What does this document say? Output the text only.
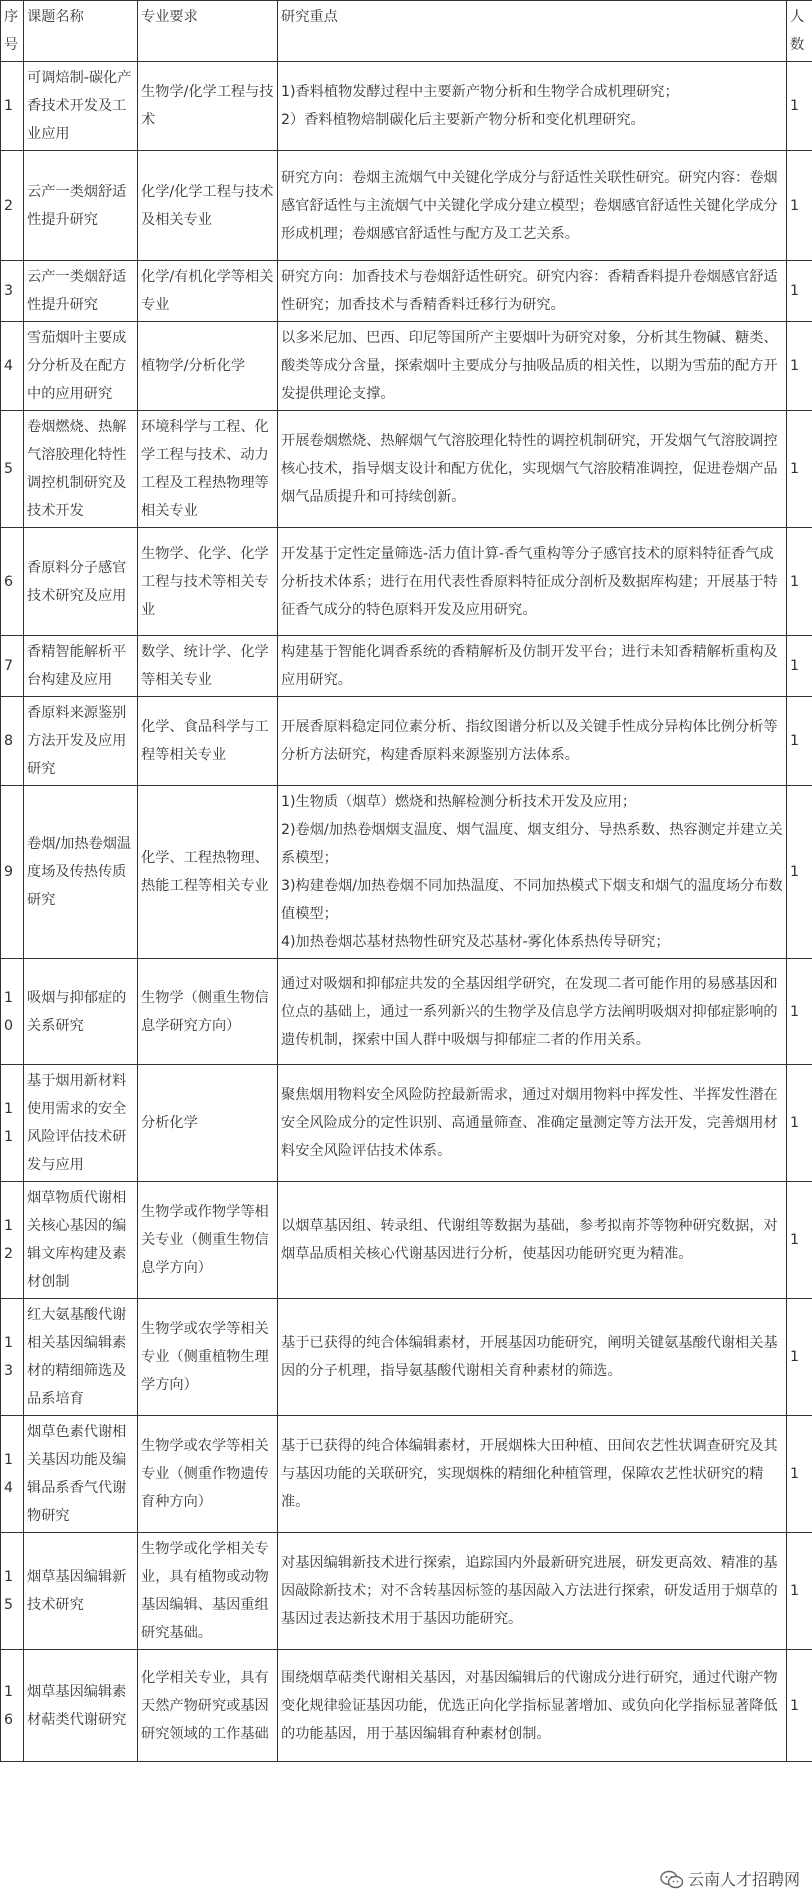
序号	课题名称	专业要求	研究重点	人数
1	可调焙制-碳化产香技术开发及工业应用	生物学/化学工程与技术	1)香料植物发酵过程中主要新产物分析和生物学合成机理研究；
2）香料植物焙制碳化后主要新产物分析和变化机理研究。	1
2	云产一类烟舒适性提升研究	化学/化学工程与技术及相关专业	研究方向：卷烟主流烟气中关键化学成分与舒适性关联性研究。研究内容：卷烟感官舒适性与主流烟气中关键化学成分建立模型；卷烟感官舒适性关键化学成分形成机理；卷烟感官舒适性与配方及工艺关系。	1
3	云产一类烟舒适性提升研究	化学/有机化学等相关专业	研究方向：加香技术与卷烟舒适性研究。研究内容：香精香料提升卷烟感官舒适性研究；加香技术与香精香料迁移行为研究。	1
4	雪茄烟叶主要成分分析及在配方中的应用研究	植物学/分析化学	以多米尼加、巴西、印尼等国所产主要烟叶为研究对象，分析其生物碱、糖类、酸类等成分含量，探索烟叶主要成分与抽吸品质的相关性，以期为雪茄的配方开发提供理论支撑。	1
5	卷烟燃烧、热解气溶胶理化特性调控机制研究及技术开发	环境科学与工程、化学工程与技术、动力工程及工程热物理等相关专业	开展卷烟燃烧、热解烟气气溶胶理化特性的调控机制研究，开发烟气气溶胶调控核心技术，指导烟支设计和配方优化，实现烟气气溶胶精准调控，促进卷烟产品烟气品质提升和可持续创新。	1
6	香原料分子感官技术研究及应用	生物学、化学、化学工程与技术等相关专业	开发基于定性定量筛选-活力值计算-香气重构等分子感官技术的原料特征香气成分析技术体系；进行在用代表性香原料特征成分剖析及数据库构建；开展基于特征香气成分的特色原料开发及应用研究。	1
7	香精智能解析平台构建及应用	数学、统计学、化学等相关专业	构建基于智能化调香系统的香精解析及仿制开发平台；进行未知香精解析重构及应用研究。	1
8	香原料来源鉴别方法开发及应用研究	化学、食品科学与工程等相关专业	开展香原料稳定同位素分析、指纹图谱分析以及关键手性成分异构体比例分析等分析方法研究，构建香原料来源鉴别方法体系。	1
9	卷烟/加热卷烟温度场及传热传质研究	化学、工程热物理、热能工程等相关专业	1)生物质（烟草）燃烧和热解检测分析技术开发及应用；
2)卷烟/加热卷烟烟支温度、烟气温度、烟支组分、导热系数、热容测定并建立关系模型；
3)构建卷烟/加热卷烟不同加热温度、不同加热模式下烟支和烟气的温度场分布数值模型；
4)加热卷烟芯基材热物性研究及芯基材-雾化体系热传导研究；	1
10	吸烟与抑郁症的关系研究	生物学（侧重生物信息学研究方向）	通过对吸烟和抑郁症共发的全基因组学研究，在发现二者可能作用的易感基因和位点的基础上，通过一系列新兴的生物学及信息学方法阐明吸烟对抑郁症影响的遗传机制，探索中国人群中吸烟与抑郁症二者的作用关系。	1
11	基于烟用新材料使用需求的安全风险评估技术研发与应用	分析化学	聚焦烟用物料安全风险防控最新需求，通过对烟用物料中挥发性、半挥发性潜在安全风险成分的定性识别、高通量筛查、准确定量测定等方法开发，完善烟用材料安全风险评估技术体系。	1
12	烟草物质代谢相关核心基因的编辑文库构建及素材创制	生物学或作物学等相关专业（侧重生物信息学方向）	以烟草基因组、转录组、代谢组等数据为基础，参考拟南芥等物种研究数据，对烟草品质相关核心代谢基因进行分析，使基因功能研究更为精准。	1
13	红大氨基酸代谢相关基因编辑素材的精细筛选及品系培育	生物学或农学等相关专业（侧重植物生理学方向）	基于已获得的纯合体编辑素材，开展基因功能研究，阐明关键氨基酸代谢相关基因的分子机理，指导氨基酸代谢相关育种素材的筛选。	1
14	烟草色素代谢相关基因功能及编辑品系香气代谢物研究	生物学或农学等相关专业（侧重作物遗传育种方向）	基于已获得的纯合体编辑素材，开展烟株大田种植、田间农艺性状调查研究及其与基因功能的关联研究，实现烟株的精细化种植管理，保障农艺性状研究的精准。	1
15	烟草基因编辑新技术研究	生物学或化学相关专业，具有植物或动物基因编辑、基因重组研究基础。	对基因编辑新技术进行探索，追踪国内外最新研究进展，研发更高效、精准的基因敲除新技术；对不含转基因标签的基因敲入方法进行探索，研发适用于烟草的基因过表达新技术用于基因功能研究。	1
16	烟草基因编辑素材萜类代谢研究	化学相关专业，具有天然产物研究或基因研究领域的工作基础	围绕烟草萜类代谢相关基因，对基因编辑后的代谢成分进行研究，通过代谢产物变化规律验证基因功能，优选正向化学指标显著增加、或负向化学指标显著降低的功能基因，用于基因编辑育种素材创制。	1
云南人才招聘网
